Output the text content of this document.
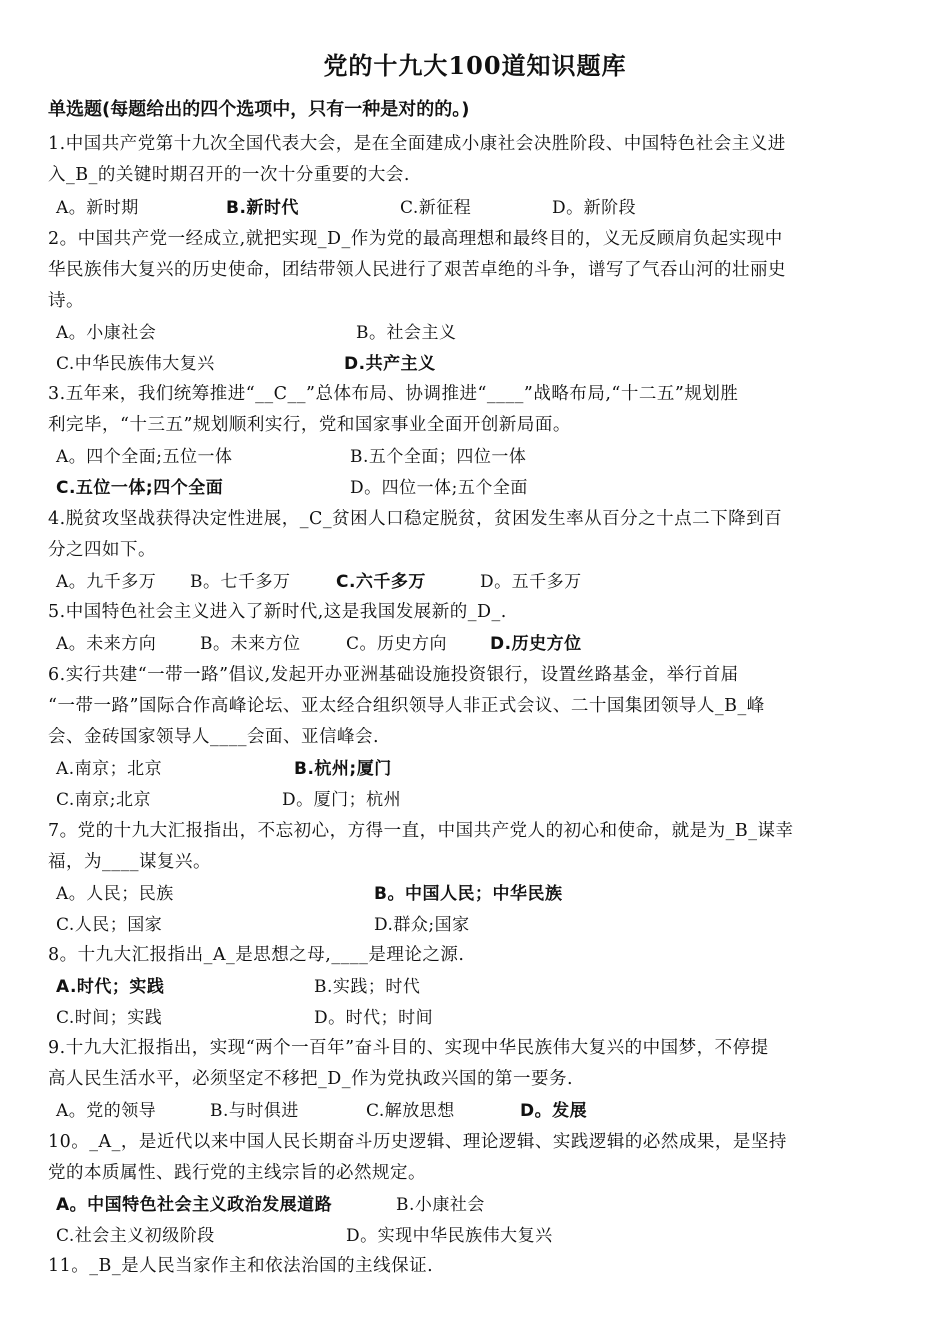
党的十九大100道知识题库
单选题(每题给出的四个选项中，只有一种是对的的。)
1.中国共产党第十九次全国代表大会，是在全面建成小康社会决胜阶段、中国特色社会主义进
入_B_的关键时期召开的一次十分重要的大会.
A。新时期	B.新时代	C.新征程	D。新阶段
2。中国共产党一经成立,就把实现_D_作为党的最高理想和最终目的，义无反顾肩负起实现中
华民族伟大复兴的历史使命，团结带领人民进行了艰苦卓绝的斗争，谱写了气吞山河的壮丽史
诗。
A。小康社会	B。社会主义
C.中华民族伟大复兴	D.共产主义
3.五年来，我们统筹推进“__C__”总体布局、协调推进“____”战略布局,“十二五”规划胜
利完毕，“十三五”规划顺利实行，党和国家事业全面开创新局面。
A。四个全面;五位一体	B.五个全面；四位一体
C.五位一体;四个全面	D。四位一体;五个全面
4.脱贫攻坚战获得决定性进展，_C_贫困人口稳定脱贫，贫困发生率从百分之十点二下降到百
分之四如下。
A。九千多万 B。七千多万	C.六千多万	D。五千多万
5.中国特色社会主义进入了新时代,这是我国发展新的_D_.
A。未来方向	B。未来方位	C。历史方向	D.历史方位
6.实行共建“一带一路”倡议,发起开办亚洲基础设施投资银行，设置丝路基金，举行首届
“一带一路”国际合作高峰论坛、亚太经合组织领导人非正式会议、二十国集团领导人_B_峰
会、金砖国家领导人____会面、亚信峰会.
A.南京；北京	B.杭州;厦门
C.南京;北京	D。厦门；杭州
7。党的十九大汇报指出，不忘初心，方得一直，中国共产党人的初心和使命，就是为_B_谋幸
福，为____谋复兴。
A。人民；民族	B。中国人民；中华民族
C.人民；国家	D.群众;国家
8。十九大汇报指出_A_是思想之母,____是理论之源.
A.时代；实践	B.实践；时代
C.时间；实践	D。时代；时间
9.十九大汇报指出，实现“两个一百年”奋斗目的、实现中华民族伟大复兴的中国梦，不停提
高人民生活水平，必须坚定不移把_D_作为党执政兴国的第一要务.
A。党的领导	B.与时俱进	C.解放思想	D。发展
10。_A_，是近代以来中国人民长期奋斗历史逻辑、理论逻辑、实践逻辑的必然成果，是坚持
党的本质属性、践行党的主线宗旨的必然规定。
A。中国特色社会主义政治发展道路	B.小康社会
C.社会主义初级阶段	D。实现中华民族伟大复兴
11。_B_是人民当家作主和依法治国的主线保证.
